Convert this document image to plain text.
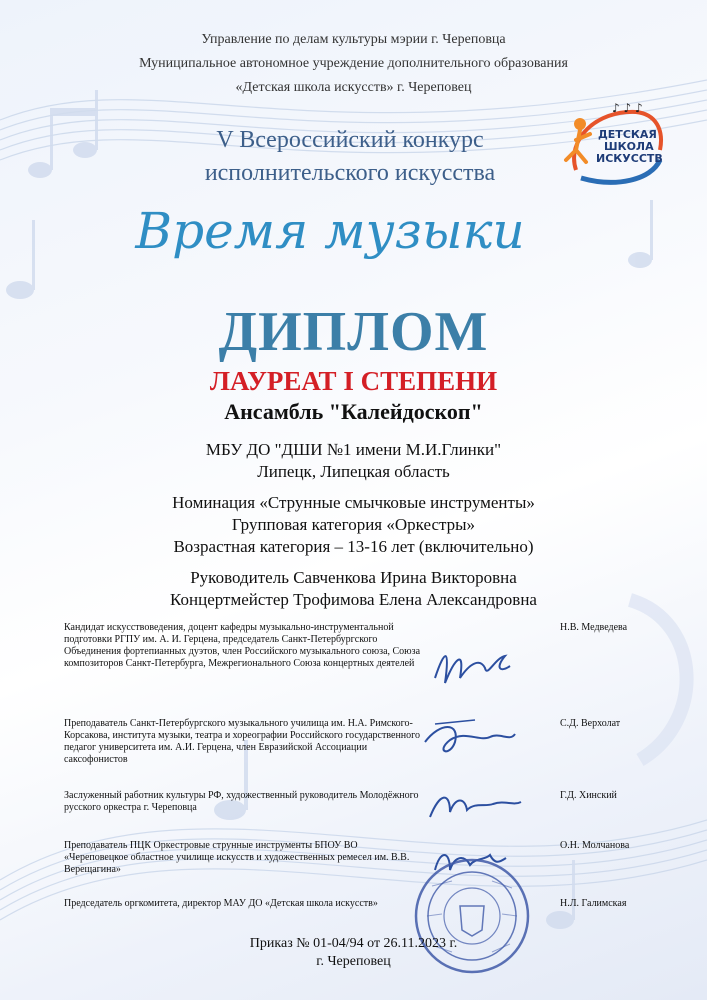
Управление по делам культуры мэрии г. Череповца
Муниципальное автономное учреждение дополнительного образования
«Детская школа искусств» г. Череповец
♪ ♪ ♪
ДЕТСКАЯ
ШКОЛА
ИСКУССТВ
V Всероссийский конкурс
исполнительского искусства
Время музыки
ДИПЛОМ
ЛАУРЕАТ I СТЕПЕНИ
Ансамбль "Калейдоскоп"
МБУ ДО "ДШИ №1 имени М.И.Глинки"
Липецк, Липецкая область
Номинация «Струнные смычковые инструменты»
Групповая категория «Оркестры»
Возрастная категория – 13-16 лет (включительно)
Руководитель Савченкова Ирина Викторовна
Концертмейстер Трофимова Елена Александровна
Кандидат искусствоведения, доцент кафедры музыкально-инструментальной подготовки РГПУ им. А. И. Герцена, председатель Санкт-Петербургского Объединения фортепианных дуэтов, член Российского музыкального союза, Союза композиторов Санкт-Петербурга, Межрегионального Союза концертных деятелей
Н.В. Медведева
Преподаватель Санкт-Петербургского музыкального училища им. Н.А. Римского-Корсакова, института музыки, театра и хореографии Российского государственного педагог университета им. А.И. Герцена, член Евразийской Ассоциации саксофонистов
С.Д. Верхолат
Заслуженный работник культуры РФ, художественный руководитель Молодёжного русского оркестра г. Череповца
Г.Д. Хинский
Преподаватель ПЦК Оркестровые струнные инструменты БПОУ ВО «Череповецкое областное училище искусств и художественных ремесел им. В.В. Верещагина»
О.Н. Молчанова
Председатель оргкомитета, директор МАУ ДО «Детская школа искусств»	Н.Л. Галимская
Приказ № 01-04/94 от 26.11.2023 г.
г. Череповец
